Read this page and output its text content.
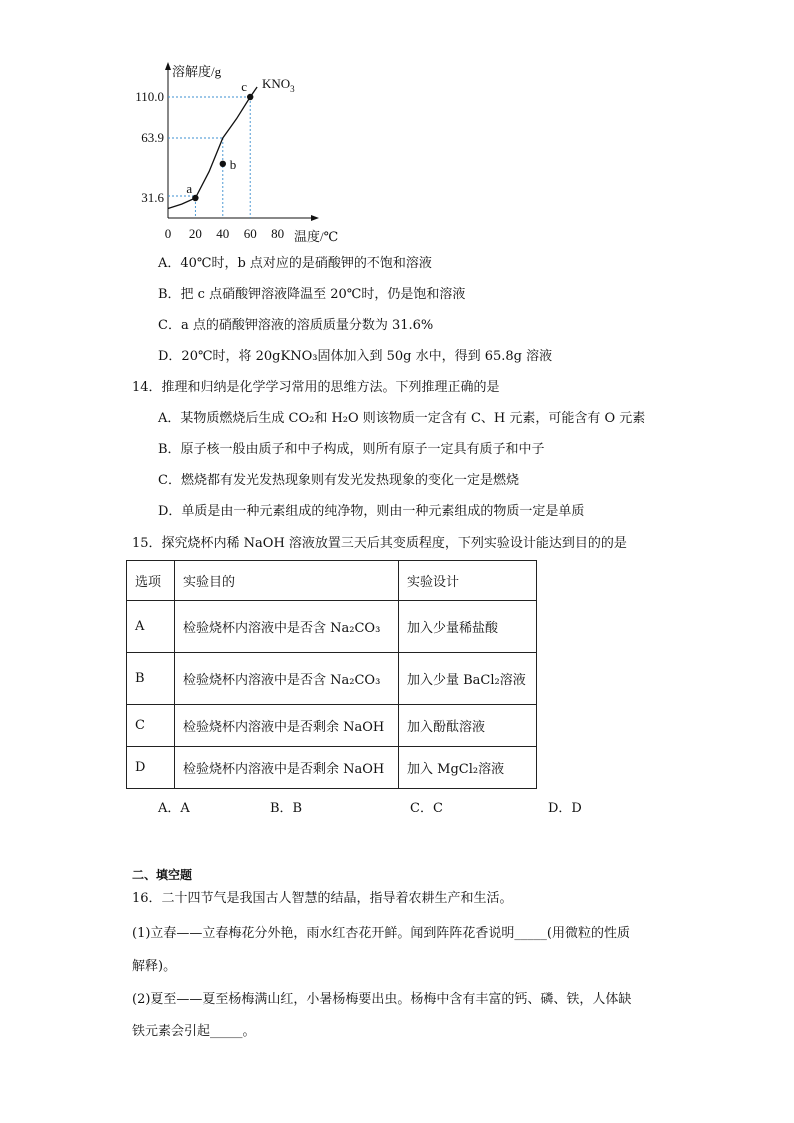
溶解度/g
温度/℃
0 20 40 60 80
31.6
63.9
110.0
a
b
c $KNO_3$
A．40℃时，b 点对应的是硝酸钾的不饱和溶液
B．把 c 点硝酸钾溶液降温至 20℃时，仍是饱和溶液
C．a 点的硝酸钾溶液的溶质质量分数为 31.6%
D．20℃时，将 20gKNO₃固体加入到 50g 水中，得到 65.8g 溶液
14．推理和归纳是化学学习常用的思维方法。下列推理正确的是
A．某物质燃烧后生成 CO₂和 H₂O 则该物质一定含有 C、H 元素，可能含有 O 元素
B．原子核一般由质子和中子构成，则所有原子一定具有质子和中子
C．燃烧都有发光发热现象则有发光发热现象的变化一定是燃烧
D．单质是由一种元素组成的纯净物，则由一种元素组成的物质一定是单质
15．探究烧杯内稀 NaOH 溶液放置三天后其变质程度，下列实验设计能达到目的的是
选项	实验目的	实验设计
A	检验烧杯内溶液中是否含 Na₂CO₃	加入少量稀盐酸
B	检验烧杯内溶液中是否含 Na₂CO₃	加入少量 BaCl₂溶液
C	检验烧杯内溶液中是否剩余 NaOH	加入酚酞溶液
D	检验烧杯内溶液中是否剩余 NaOH	加入 MgCl₂溶液
A．A	B．B	C．C	D．D
二、填空题
16．二十四节气是我国古人智慧的结晶，指导着农耕生产和生活。
(1)立春——立春梅花分外艳，雨水红杏花开鲜。闻到阵阵花香说明_____(用微粒的性质
解释)。
(2)夏至——夏至杨梅满山红，小暑杨梅要出虫。杨梅中含有丰富的钙、磷、铁，人体缺
铁元素会引起_____。
